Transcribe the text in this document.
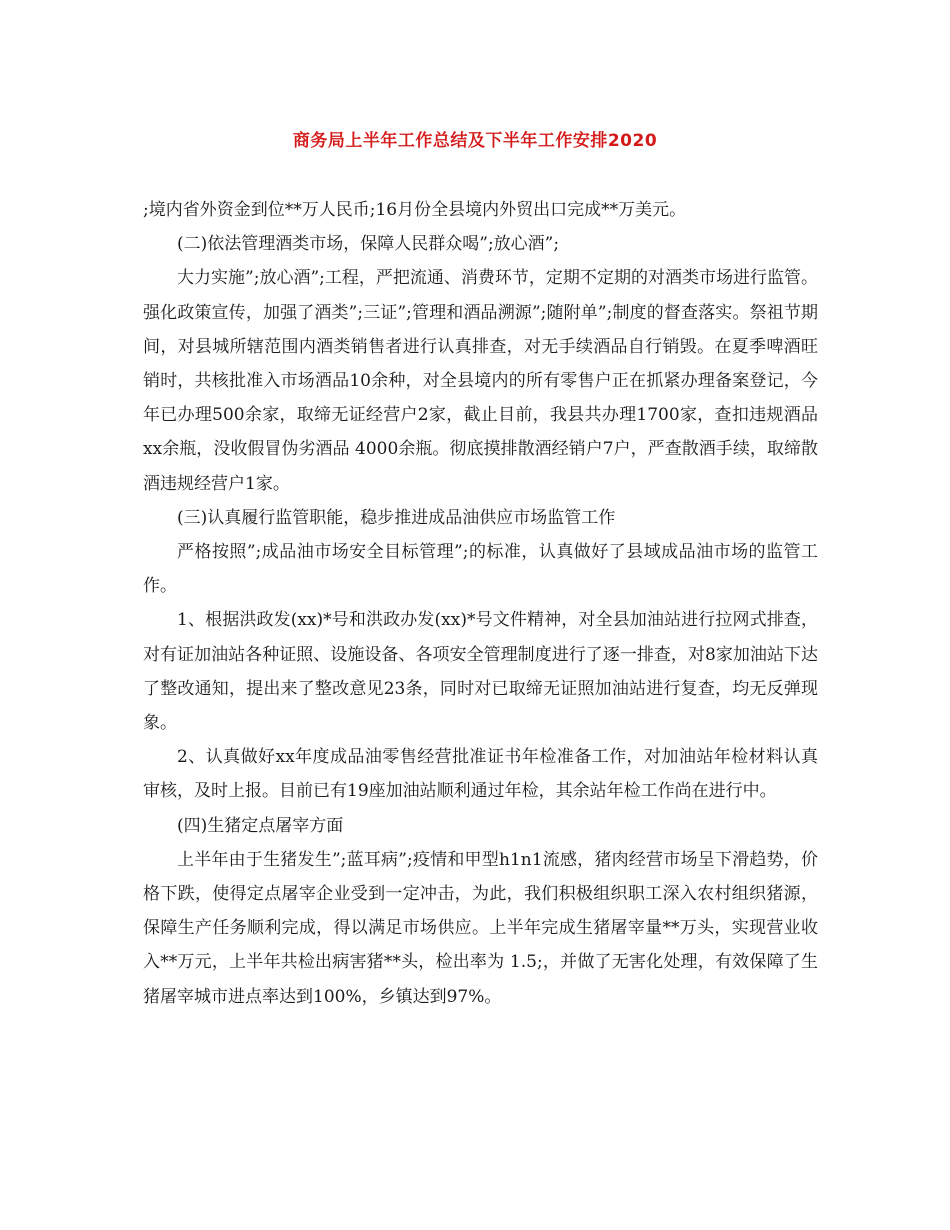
商务局上半年工作总结及下半年工作安排2020

;境内省外资金到位**万人民币;16月份全县境内外贸出口完成**万美元。

(二)依法管理酒类市场，保障人民群众喝”;放心酒”;

大力实施”;放心酒”;工程，严把流通、消费环节，定期不定期的对酒类市场进行监管。强化政策宣传，加强了酒类”;三证”;管理和酒品溯源”;随附单”;制度的督查落实。祭祖节期间，对县城所辖范围内酒类销售者进行认真排查，对无手续酒品自行销毁。在夏季啤酒旺销时，共核批准入市场酒品10余种，对全县境内的所有零售户正在抓紧办理备案登记，今年已办理500余家，取缔无证经营户2家，截止目前，我县共办理1700家，查扣违规酒品xx余瓶，没收假冒伪劣酒品 4000余瓶。彻底摸排散酒经销户7户，严查散酒手续，取缔散酒违规经营户1家。

(三)认真履行监管职能，稳步推进成品油供应市场监管工作

严格按照”;成品油市场安全目标管理”;的标准，认真做好了县域成品油市场的监管工作。

1、根据洪政发(xx)*号和洪政办发(xx)*号文件精神，对全县加油站进行拉网式排查，对有证加油站各种证照、设施设备、各项安全管理制度进行了逐一排查，对8家加油站下达了整改通知，提出来了整改意见23条，同时对已取缔无证照加油站进行复查，均无反弹现象。

2、认真做好xx年度成品油零售经营批准证书年检准备工作，对加油站年检材料认真审核，及时上报。目前已有19座加油站顺利通过年检，其余站年检工作尚在进行中。

(四)生猪定点屠宰方面

上半年由于生猪发生”;蓝耳病”;疫情和甲型h1n1流感，猪肉经营市场呈下滑趋势，价格下跌，使得定点屠宰企业受到一定冲击，为此，我们积极组织职工深入农村组织猪源，保障生产任务顺利完成，得以满足市场供应。上半年完成生猪屠宰量**万头，实现营业收入**万元，上半年共检出病害猪**头，检出率为 1.5;，并做了无害化处理，有效保障了生猪屠宰城市进点率达到100%，乡镇达到97%。
